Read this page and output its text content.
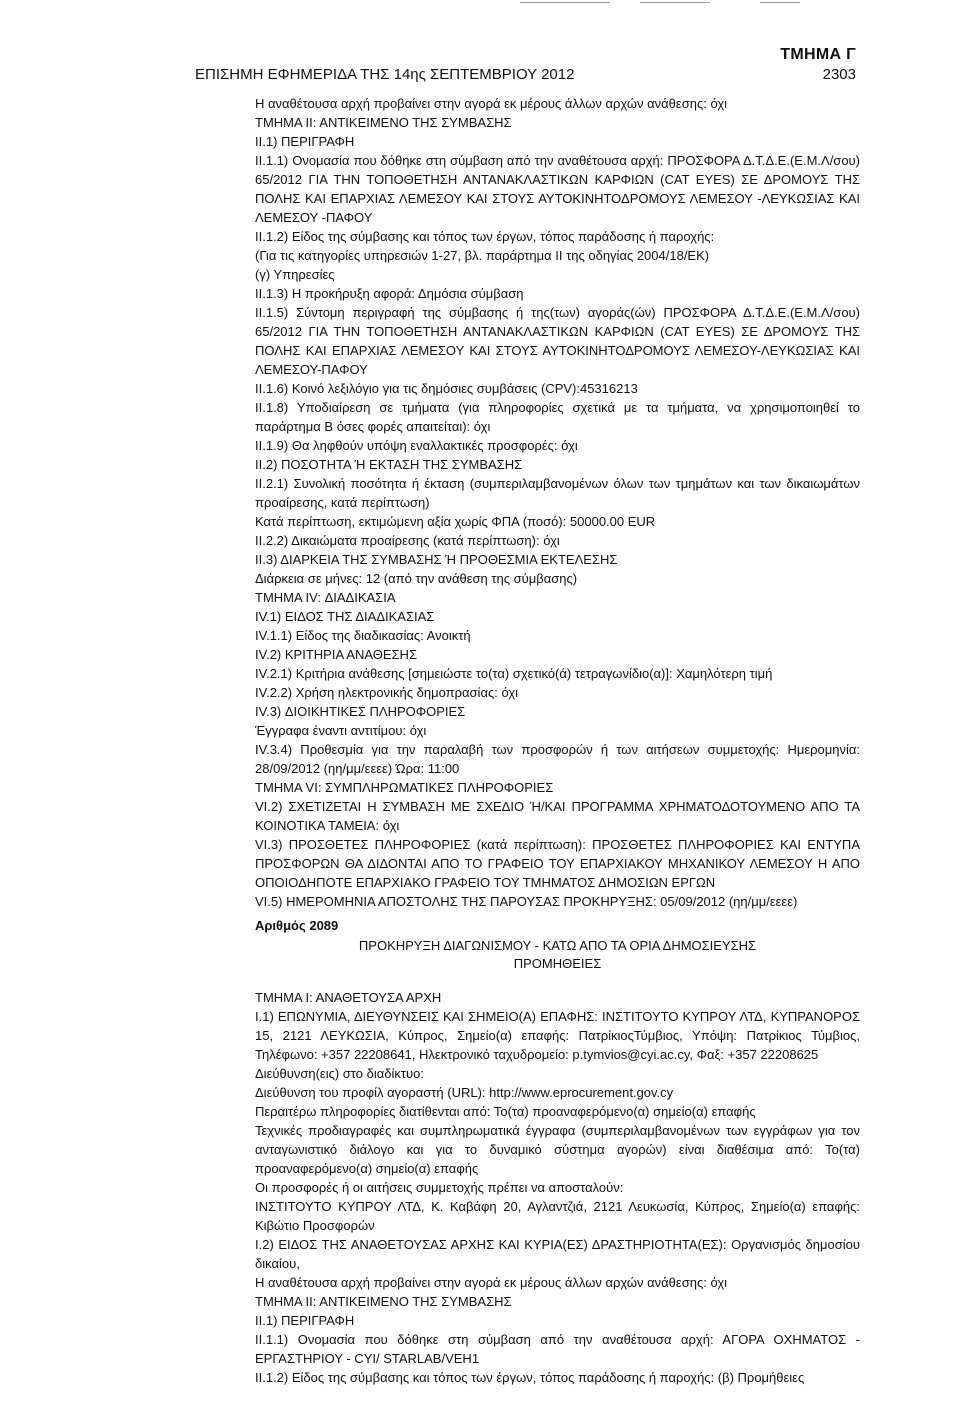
ΤΜΗΜΑ Γ
ΕΠΙΣΗΜΗ ΕΦΗΜΕΡΙΔΑ ΤΗΣ 14ης ΣΕΠΤΕΜΒΡΙΟΥ 2012	2303

Η αναθέτουσα αρχή προβαίνει στην αγορά εκ μέρους άλλων αρχών ανάθεσης: όχι

ΤΜΗΜΑ ΙΙ: ΑΝΤΙΚΕΙΜΕΝΟ ΤΗΣ ΣΥΜΒΑΣΗΣ

ΙΙ.1) ΠΕΡΙΓΡΑΦΗ

ΙΙ.1.1) Ονομασία που δόθηκε στη σύμβαση από την αναθέτουσα αρχή: ΠΡΟΣΦΟΡΑ Δ.Τ.Δ.Ε.(Ε.Μ.Λ/σου) 65/2012 ΓΙΑ ΤΗΝ ΤΟΠΟΘΕΤΗΣΗ ΑΝΤΑΝΑΚΛΑΣΤΙΚΩΝ ΚΑΡΦΙΩΝ (CAT EYES) ΣΕ ΔΡΟΜΟΥΣ ΤΗΣ ΠΟΛΗΣ ΚΑΙ ΕΠΑΡΧΙΑΣ ΛΕΜΕΣΟΥ ΚΑΙ ΣΤΟΥΣ ΑΥΤΟΚΙΝΗΤΟΔΡΟΜΟΥΣ ΛΕΜΕΣΟΥ -ΛΕΥΚΩΣΙΑΣ ΚΑΙ ΛΕΜΕΣΟΥ -ΠΑΦΟΥ

ΙΙ.1.2) Είδος της σύμβασης και τόπος των έργων, τόπος παράδοσης ή παροχής:

(Για τις κατηγορίες υπηρεσιών 1-27, βλ. παράρτημα ΙΙ της οδηγίας 2004/18/ΕΚ)

(γ) Υπηρεσίες

ΙΙ.1.3) Η προκήρυξη αφορά: Δημόσια σύμβαση

ΙΙ.1.5) Σύντομη περιγραφή της σύμβασης ή της(των) αγοράς(ών) ΠΡΟΣΦΟΡΑ Δ.Τ.Δ.Ε.(Ε.Μ.Λ/σου) 65/2012 ΓΙΑ ΤΗΝ ΤΟΠΟΘΕΤΗΣΗ ΑΝΤΑΝΑΚΛΑΣΤΙΚΩΝ ΚΑΡΦΙΩΝ (CAT EYES) ΣΕ ΔΡΟΜΟΥΣ ΤΗΣ ΠΟΛΗΣ ΚΑΙ ΕΠΑΡΧΙΑΣ ΛΕΜΕΣΟΥ ΚΑΙ ΣΤΟΥΣ ΑΥΤΟΚΙΝΗΤΟΔΡΟΜΟΥΣ ΛΕΜΕΣΟΥ-ΛΕΥΚΩΣΙΑΣ ΚΑΙ ΛΕΜΕΣΟΥ-ΠΑΦΟΥ

ΙΙ.1.6) Κοινό λεξιλόγιο για τις δημόσιες συμβάσεις (CPV):45316213

ΙΙ.1.8) Υποδιαίρεση σε τμήματα (για πληροφορίες σχετικά με τα τμήματα, να χρησιμοποιηθεί το παράρτημα Β όσες φορές απαιτείται): όχι

ΙΙ.1.9) Θα ληφθούν υπόψη εναλλακτικές προσφορές: όχι

ΙΙ.2) ΠΟΣΟΤΗΤΑ Ή ΕΚΤΑΣΗ ΤΗΣ ΣΥΜΒΑΣΗΣ

ΙΙ.2.1) Συνολική ποσότητα ή έκταση (συμπεριλαμβανομένων όλων των τμημάτων και των δικαιωμάτων προαίρεσης, κατά περίπτωση)

Κατά περίπτωση, εκτιμώμενη αξία χωρίς ΦΠΑ (ποσό): 50000.00 EUR

ΙΙ.2.2) Δικαιώματα προαίρεσης (κατά περίπτωση): όχι

ΙΙ.3) ΔΙΑΡΚΕΙΑ ΤΗΣ ΣΥΜΒΑΣΗΣ Ή ΠΡΟΘΕΣΜΙΑ ΕΚΤΕΛΕΣΗΣ

Διάρκεια σε μήνες: 12 (από την ανάθεση της σύμβασης)

ΤΜΗΜΑ IV: ΔΙΑΔΙΚΑΣΙΑ

IV.1) ΕΙΔΟΣ ΤΗΣ ΔΙΑΔΙΚΑΣΙΑΣ

IV.1.1) Είδος της διαδικασίας: Ανοικτή

IV.2) ΚΡΙΤΗΡΙΑ ΑΝΑΘΕΣΗΣ

IV.2.1) Κριτήρια ανάθεσης [σημειώστε το(τα) σχετικό(ά) τετραγωνίδιο(α)]: Χαμηλότερη τιμή

IV.2.2) Χρήση ηλεκτρονικής δημοπρασίας: όχι

IV.3) ΔΙΟΙΚΗΤΙΚΕΣ ΠΛΗΡΟΦΟΡΙΕΣ

Έγγραφα έναντι αντιτίμου: όχι

IV.3.4) Προθεσμία για την παραλαβή των προσφορών ή των αιτήσεων συμμετοχής: Ημερομηνία: 28/09/2012 (ηη/μμ/εεεε) Ώρα: 11:00

ΤΜΗΜΑ VI: ΣΥΜΠΛΗΡΩΜΑΤΙΚΕΣ ΠΛΗΡΟΦΟΡΙΕΣ

VI.2) ΣΧΕΤΙΖΕΤΑΙ Η ΣΥΜΒΑΣΗ ΜΕ ΣΧΕΔΙΟ Ή/ΚΑΙ ΠΡΟΓΡΑΜΜΑ ΧΡΗΜΑΤΟΔΟΤΟΥΜΕΝΟ ΑΠΟ ΤΑ ΚΟΙΝΟΤΙΚΑ ΤΑΜΕΙΑ: όχι

VI.3) ΠΡΟΣΘΕΤΕΣ ΠΛΗΡΟΦΟΡΙΕΣ (κατά περίπτωση): ΠΡΟΣΘΕΤΕΣ ΠΛΗΡΟΦΟΡΙΕΣ ΚΑΙ ΕΝΤΥΠΑ ΠΡΟΣΦΟΡΩΝ ΘΑ ΔΙΔΟΝΤΑΙ ΑΠΟ ΤΟ ΓΡΑΦΕΙΟ ΤΟΥ ΕΠΑΡΧΙΑΚΟΥ ΜΗΧΑΝΙΚΟΥ ΛΕΜΕΣΟΥ Η ΑΠΟ ΟΠΟΙΟΔΗΠΟΤΕ ΕΠΑΡΧΙΑΚΟ ΓΡΑΦΕΙΟ ΤΟΥ ΤΜΗΜΑΤΟΣ ΔΗΜΟΣΙΩΝ ΕΡΓΩΝ

VI.5) ΗΜΕΡΟΜΗΝΙΑ ΑΠΟΣΤΟΛΗΣ ΤΗΣ ΠΑΡΟΥΣΑΣ ΠΡΟΚΗΡΥΞΗΣ: 05/09/2012 (ηη/μμ/εεεε)

Αριθμός 2089
ΠΡΟΚΗΡΥΞΗ ΔΙΑΓΩΝΙΣΜΟΥ - ΚΑΤΩ ΑΠΟ ΤΑ ΟΡΙΑ ΔΗΜΟΣΙΕΥΣΗΣ
ΠΡΟΜΗΘΕΙΕΣ

ΤΜΗΜΑ Ι: ΑΝΑΘΕΤΟΥΣΑ ΑΡΧΗ

Ι.1) ΕΠΩΝΥΜΙΑ, ΔΙΕΥΘΥΝΣΕΙΣ ΚΑΙ ΣΗΜΕΙΟ(Α) ΕΠΑΦΗΣ: ΙΝΣΤΙΤΟΥΤΟ ΚΥΠΡΟΥ ΛΤΔ, ΚΥΠΡΑΝΟΡΟΣ 15, 2121 ΛΕΥΚΩΣΙΑ, Κύπρος, Σημείο(α) επαφής: ΠατρίκιοςΤύμβιος, Υπόψη: Πατρίκιος Τύμβιος, Τηλέφωνο: +357 22208641, Ηλεκτρονικό ταχυδρομείο: p.tymvios@cyi.ac.cy, Φαξ: +357 22208625

Διεύθυνση(εις) στο διαδίκτυο:

Διεύθυνση του προφίλ αγοραστή (URL): http://www.eprocurement.gov.cy

Περαιτέρω πληροφορίες διατίθενται από: Το(τα) προαναφερόμενο(α) σημείο(α) επαφής

Τεχνικές προδιαγραφές και συμπληρωματικά έγγραφα (συμπεριλαμβανομένων των εγγράφων για τον ανταγωνιστικό διάλογο και για το δυναμικό σύστημα αγορών) είναι διαθέσιμα από: Το(τα) προαναφερόμενο(α) σημείο(α) επαφής

Οι προσφορές ή οι αιτήσεις συμμετοχής πρέπει να αποσταλούν:

ΙΝΣΤΙΤΟΥΤΟ ΚΥΠΡΟΥ ΛΤΔ, Κ. Καβάφη 20, Αγλαντζιά, 2121 Λευκωσία, Κύπρος, Σημείο(α) επαφής: Κιβώτιο Προσφορών

Ι.2) ΕΙΔΟΣ ΤΗΣ ΑΝΑΘΕΤΟΥΣΑΣ ΑΡΧΗΣ ΚΑΙ ΚΥΡΙΑ(ΕΣ) ΔΡΑΣΤΗΡΙΟΤΗΤΑ(ΕΣ): Οργανισμός δημοσίου δικαίου,

Η αναθέτουσα αρχή προβαίνει στην αγορά εκ μέρους άλλων αρχών ανάθεσης: όχι

ΤΜΗΜΑ ΙΙ: ΑΝΤΙΚΕΙΜΕΝΟ ΤΗΣ ΣΥΜΒΑΣΗΣ

ΙΙ.1) ΠΕΡΙΓΡΑΦΗ

ΙΙ.1.1) Ονομασία που δόθηκε στη σύμβαση από την αναθέτουσα αρχή: ΑΓΟΡΑ ΟΧΗΜΑΤΟΣ - ΕΡΓΑΣΤΗΡΙΟΥ - CYI/ STARLAB/VEH1

ΙΙ.1.2) Είδος της σύμβασης και τόπος των έργων, τόπος παράδοσης ή παροχής: (β) Προμήθειες
